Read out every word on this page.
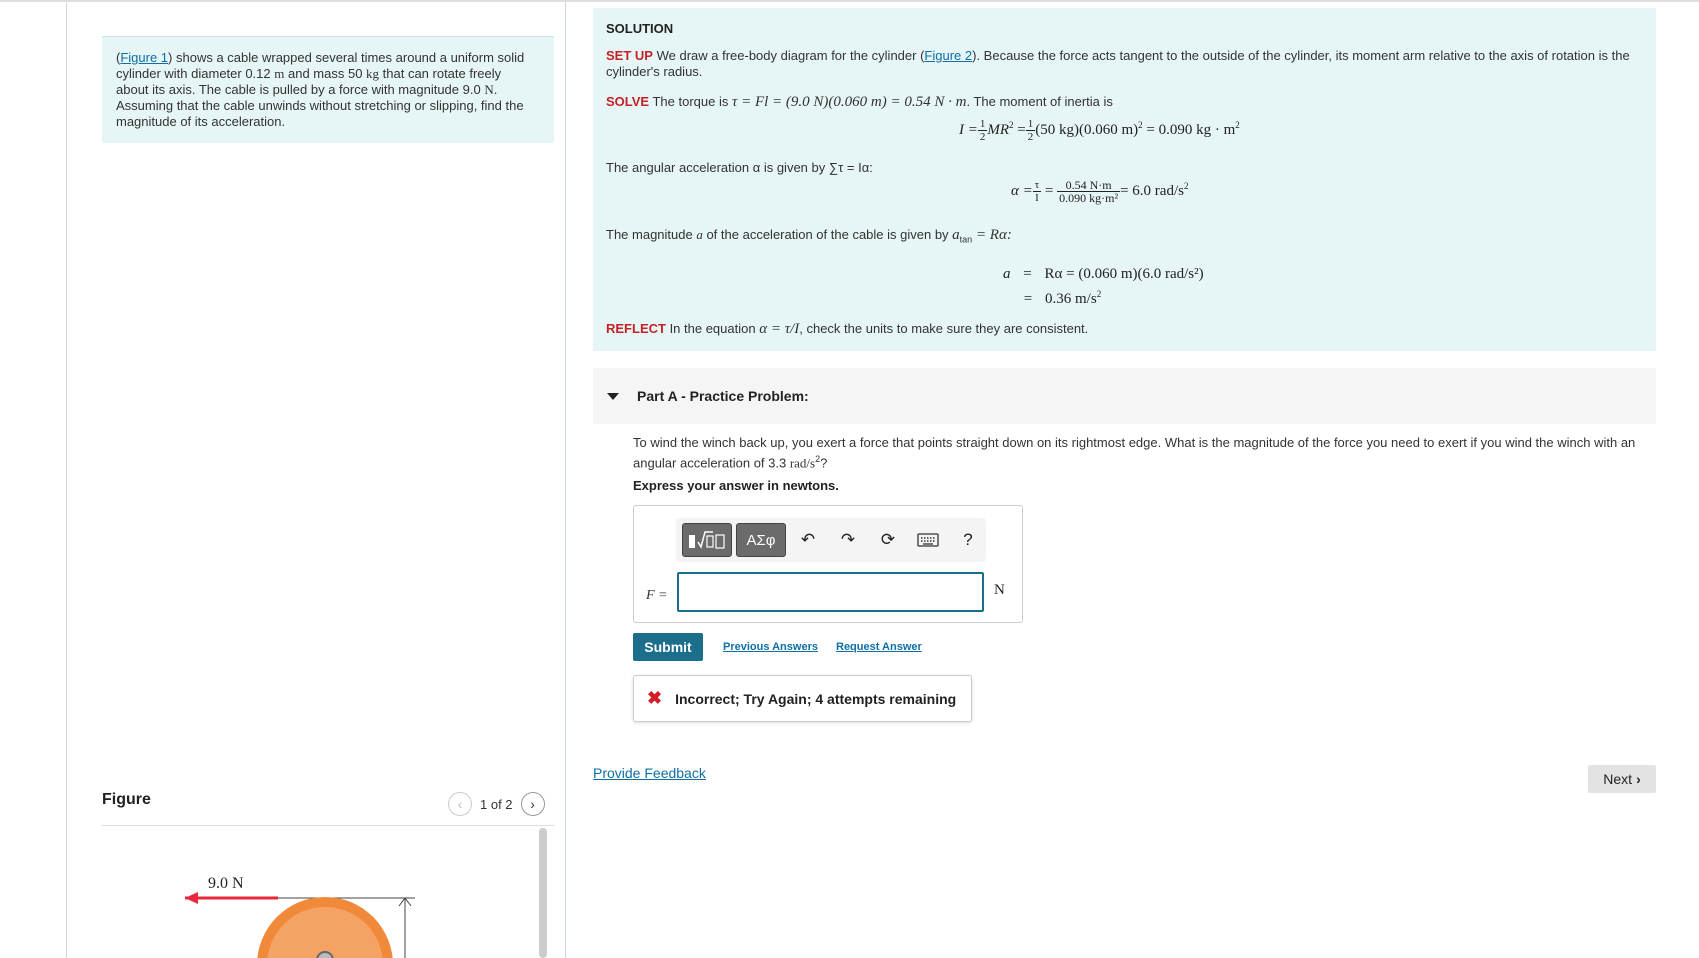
(Figure 1) shows a cable wrapped several times around a uniform solid
cylinder with diameter 0.12 m and mass 50 kg that can rotate freely
about its axis. The cable is pulled by a force with magnitude 9.0 N.
Assuming that the cable unwinds without stretching or slipping, find the
magnitude of its acceleration.
Figure	‹ 1 of 2 ›
9.0 N
SOLUTION
SET UP We draw a free-body diagram for the cylinder (Figure 2). Because the force acts tangent to the outside of the cylinder, its moment arm relative to the axis of rotation is the
cylinder's radius.
SOLVE The torque is τ = Fl = (9.0 N)(0.060 m) = 0.54 N · m. The moment of inertia is
$I = \frac{1}{2} MR^2 = \frac{1}{2} (50$ kg)(0.060 m)$^2$ = 0.090 kg · $m^2$
The angular acceleration α is given by ∑τ = Iα:
$\alpha = \frac{\tau}{I} = \frac{0.54 N\cdot m}{\text{0.090 kg·m²}} = 6.0$ rad/$s^2$
The magnitude a of the acceleration of the cable is given by $a_{tan} = R\alpha$:
a = Rα = (0.060 m)(6.0 rad/s²)
= 0.36 $m/s^2$
REFLECT In the equation α = τ/I, check the units to make sure they are consistent.
Part A - Practice Problem:
To wind the winch back up, you exert a force that points straight down on its rightmost edge. What is the magnitude of the force you need to exert if you wind the winch with an
angular acceleration of 3.3 rad/$s^2$?
Express your answer in newtons.
ΑΣφ	↶	↷	⟳	?
F =	N
Submit	Previous Answers Request Answer
✖ Incorrect; Try Again; 4 attempts remaining
Provide Feedback	Next ›
